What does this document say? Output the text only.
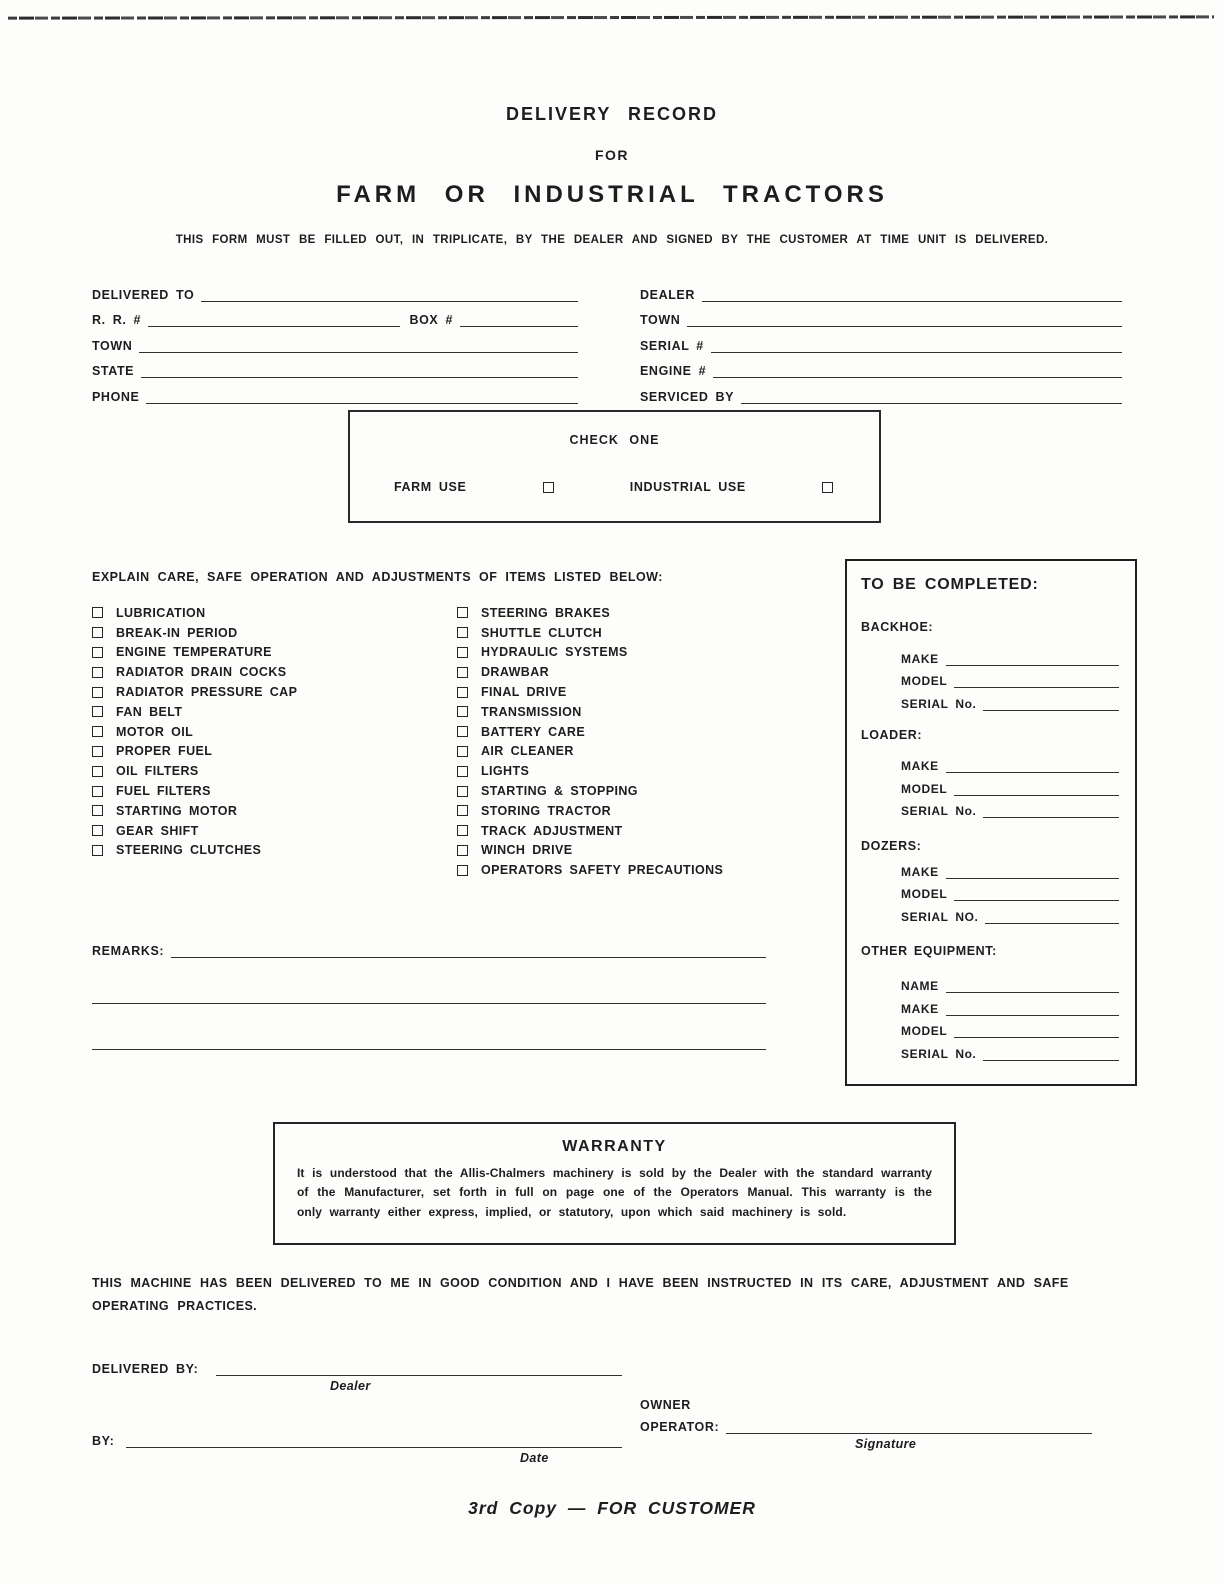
DELIVERY RECORD
FOR
FARM OR INDUSTRIAL TRACTORS
THIS FORM MUST BE FILLED OUT, IN TRIPLICATE, BY THE DEALER AND SIGNED BY THE CUSTOMER AT TIME UNIT IS DELIVERED.
DELIVERED TO
R. R. #	BOX #
TOWN
STATE
PHONE
DEALER
TOWN
SERIAL #
ENGINE #
SERVICED BY
CHECK ONE
FARM USE	INDUSTRIAL USE
EXPLAIN CARE, SAFE OPERATION AND ADJUSTMENTS OF ITEMS LISTED BELOW:
LUBRICATION
BREAK-IN PERIOD
ENGINE TEMPERATURE
RADIATOR DRAIN COCKS
RADIATOR PRESSURE CAP
FAN BELT
MOTOR OIL
PROPER FUEL
OIL FILTERS
FUEL FILTERS
STARTING MOTOR
GEAR SHIFT
STEERING CLUTCHES
STEERING BRAKES
SHUTTLE CLUTCH
HYDRAULIC SYSTEMS
DRAWBAR
FINAL DRIVE
TRANSMISSION
BATTERY CARE
AIR CLEANER
LIGHTS
STARTING & STOPPING
STORING TRACTOR
TRACK ADJUSTMENT
WINCH DRIVE
OPERATORS SAFETY PRECAUTIONS
TO BE COMPLETED:
BACKHOE:
MAKE
MODEL
SERIAL No.
LOADER:
MAKE
MODEL
SERIAL No.
DOZERS:
MAKE
MODEL
SERIAL NO.
OTHER EQUIPMENT:
NAME
MAKE
MODEL
SERIAL No.
REMARKS:
WARRANTY
It is understood that the Allis-Chalmers machinery is sold by the Dealer with the standard warranty of the Manufacturer, set forth in full on page one of the Operators Manual. This warranty is the only warranty either express, implied, or statutory, upon which said machinery is sold.
THIS MACHINE HAS BEEN DELIVERED TO ME IN GOOD CONDITION AND I HAVE BEEN INSTRUCTED IN ITS CARE, ADJUSTMENT AND SAFE OPERATING PRACTICES.
DELIVERED BY:
Dealer
BY:
Date
OWNER
OPERATOR:
Signature
3rd Copy — FOR CUSTOMER
